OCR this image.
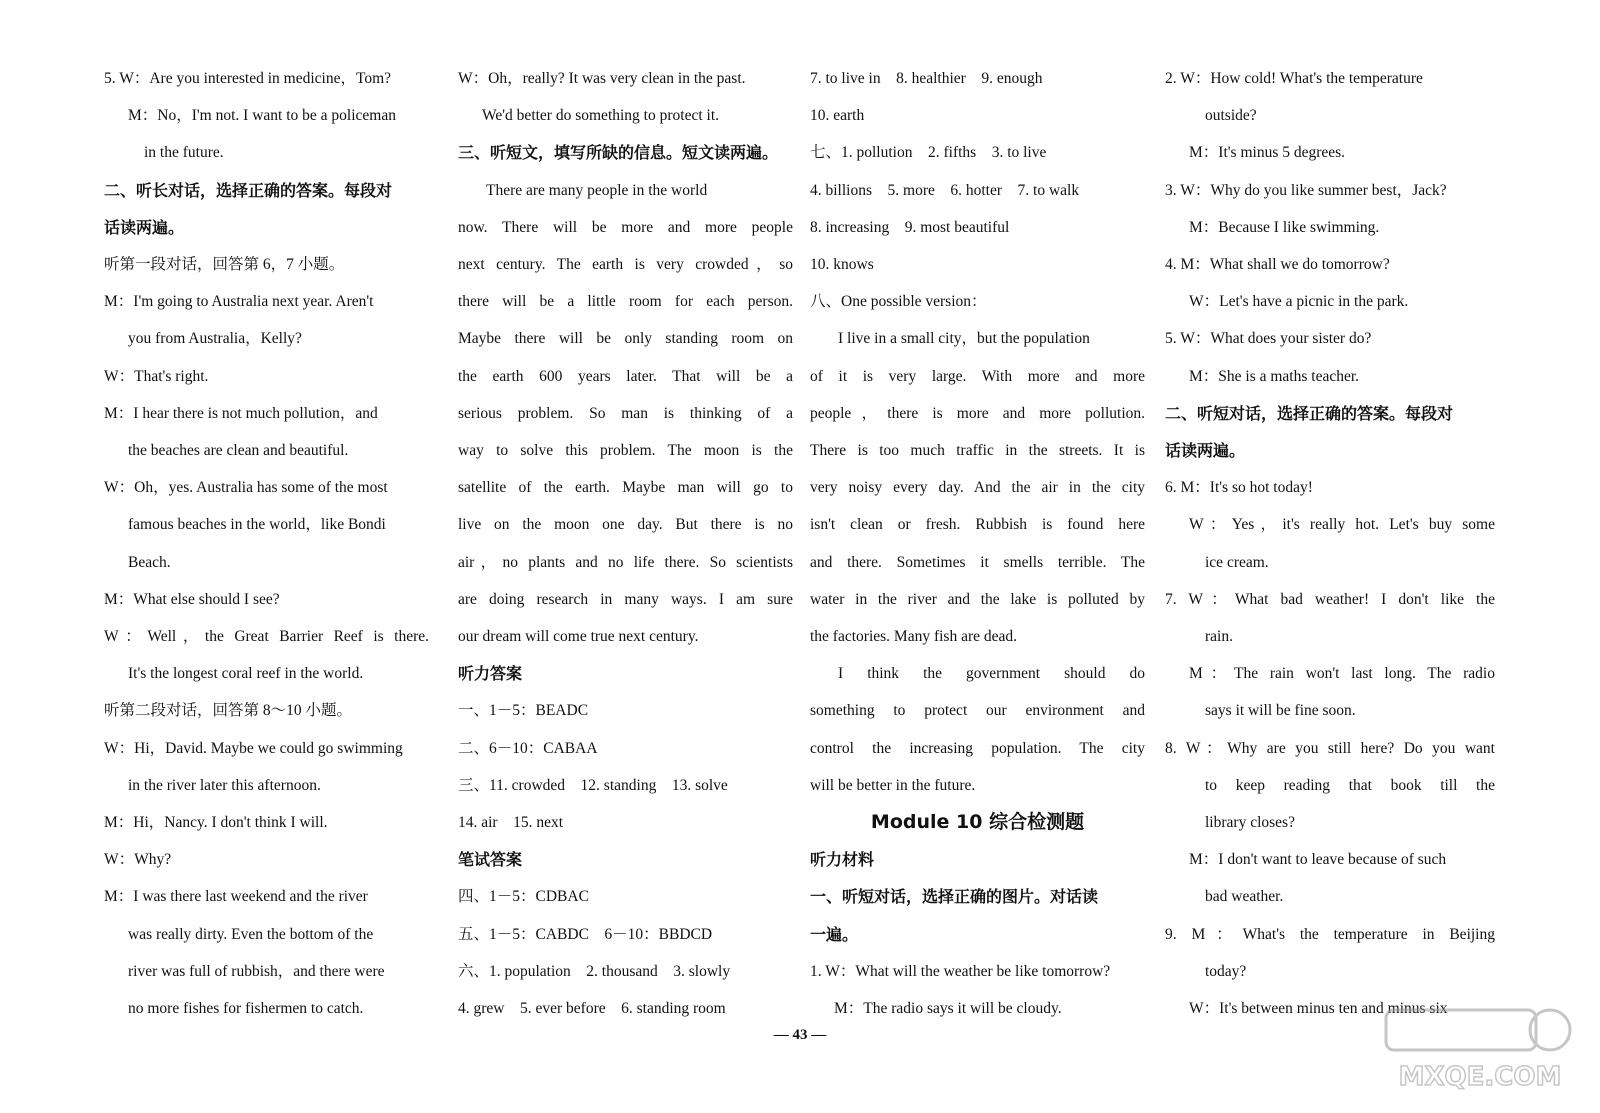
5. W：Are you interested in medicine，Tom?
M：No，I'm not. I want to be a policeman
in the future.
二、听长对话，选择正确的答案。每段对
话读两遍。
听第一段对话，回答第 6，7 小题。
M：I'm going to Australia next year. Aren't
you from Australia，Kelly?
W：That's right.
M：I hear there is not much pollution，and
the beaches are clean and beautiful.
W：Oh，yes. Australia has some of the most
famous beaches in the world，like Bondi
Beach.
M：What else should I see?
W：Well，the Great Barrier Reef is there.
It's the longest coral reef in the world.
听第二段对话，回答第 8～10 小题。
W：Hi，David. Maybe we could go swimming
in the river later this afternoon.
M：Hi，Nancy. I don't think I will.
W：Why?
M：I was there last weekend and the river
was really dirty. Even the bottom of the
river was full of rubbish，and there were
no more fishes for fishermen to catch.
W：Oh，really? It was very clean in the past.
We'd better do something to protect it.
三、听短文，填写所缺的信息。短文读两遍。
There are many people in the world
now. There will be more and more people
next century. The earth is very crowded，so
there will be a little room for each person.
Maybe there will be only standing room on
the earth 600 years later. That will be a
serious problem. So man is thinking of a
way to solve this problem. The moon is the
satellite of the earth. Maybe man will go to
live on the moon one day. But there is no
air，no plants and no life there. So scientists
are doing research in many ways. I am sure
our dream will come true next century.
听力答案
一、1－5：BEADC
二、6－10：CABAA
三、11. crowded　12. standing　13. solve
14. air　15. next
笔试答案
四、1－5：CDBAC
五、1－5：CABDC　6－10：BBDCD
六、1. population　2. thousand　3. slowly
4. grew　5. ever before　6. standing room
7. to live in　8. healthier　9. enough
10. earth
七、1. pollution　2. fifths　3. to live
4. billions　5. more　6. hotter　7. to walk
8. increasing　9. most beautiful
10. knows
八、One possible version：
I live in a small city，but the population
of it is very large. With more and more
people，there is more and more pollution.
There is too much traffic in the streets. It is
very noisy every day. And the air in the city
isn't clean or fresh. Rubbish is found here
and there. Sometimes it smells terrible. The
water in the river and the lake is polluted by
the factories. Many fish are dead.
I think the government should do
something to protect our environment and
control the increasing population. The city
will be better in the future.
Module 10 综合检测题
听力材料
一、听短对话，选择正确的图片。对话读
一遍。
1. W：What will the weather be like tomorrow?
M：The radio says it will be cloudy.
2. W：How cold! What's the temperature
outside?
M：It's minus 5 degrees.
3. W：Why do you like summer best，Jack?
M：Because I like swimming.
4. M：What shall we do tomorrow?
W：Let's have a picnic in the park.
5. W：What does your sister do?
M：She is a maths teacher.
二、听短对话，选择正确的答案。每段对
话读两遍。
6. M：It's so hot today!
W：Yes，it's really hot. Let's buy some
ice cream.
7. W：What bad weather! I don't like the
rain.
M：The rain won't last long. The radio
says it will be fine soon.
8. W：Why are you still here? Do you want
to keep reading that book till the
library closes?
M：I don't want to leave because of such
bad weather.
9. M：What's the temperature in Beijing
today?
W：It's between minus ten and minus six
— 43 —
MXQE.COM
